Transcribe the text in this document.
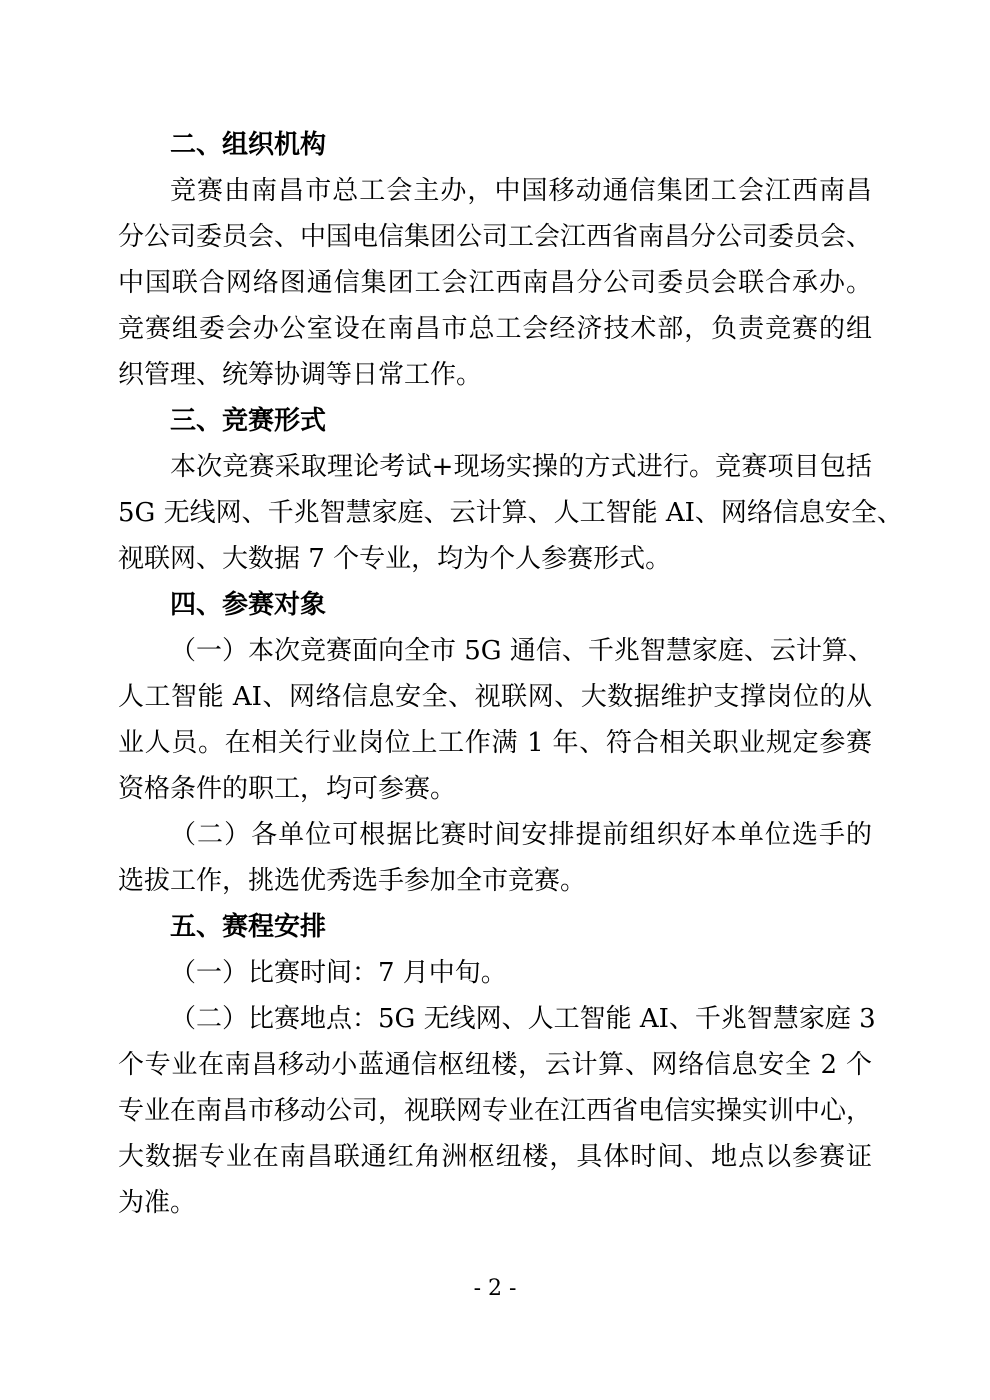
二、组织机构
竞赛由南昌市总工会主办，中国移动通信集团工会江西南昌
分公司委员会、中国电信集团公司工会江西省南昌分公司委员会、
中国联合网络图通信集团工会江西南昌分公司委员会联合承办。
竞赛组委会办公室设在南昌市总工会经济技术部，负责竞赛的组
织管理、统筹协调等日常工作。
三、竞赛形式
本次竞赛采取理论考试+现场实操的方式进行。竞赛项目包括
5G 无线网、千兆智慧家庭、云计算、人工智能 AI、网络信息安全、
视联网、大数据 7 个专业，均为个人参赛形式。
四、参赛对象
（一）本次竞赛面向全市 5G 通信、千兆智慧家庭、云计算、
人工智能 AI、网络信息安全、视联网、大数据维护支撑岗位的从
业人员。在相关行业岗位上工作满 1 年、符合相关职业规定参赛
资格条件的职工，均可参赛。
（二）各单位可根据比赛时间安排提前组织好本单位选手的
选拔工作，挑选优秀选手参加全市竞赛。
五、赛程安排
（一）比赛时间：7 月中旬。
（二）比赛地点：5G 无线网、人工智能 AI、千兆智慧家庭 3
个专业在南昌移动小蓝通信枢纽楼，云计算、网络信息安全 2 个
专业在南昌市移动公司，视联网专业在江西省电信实操实训中心，
大数据专业在南昌联通红角洲枢纽楼，具体时间、地点以参赛证
为准。
- 2 -
